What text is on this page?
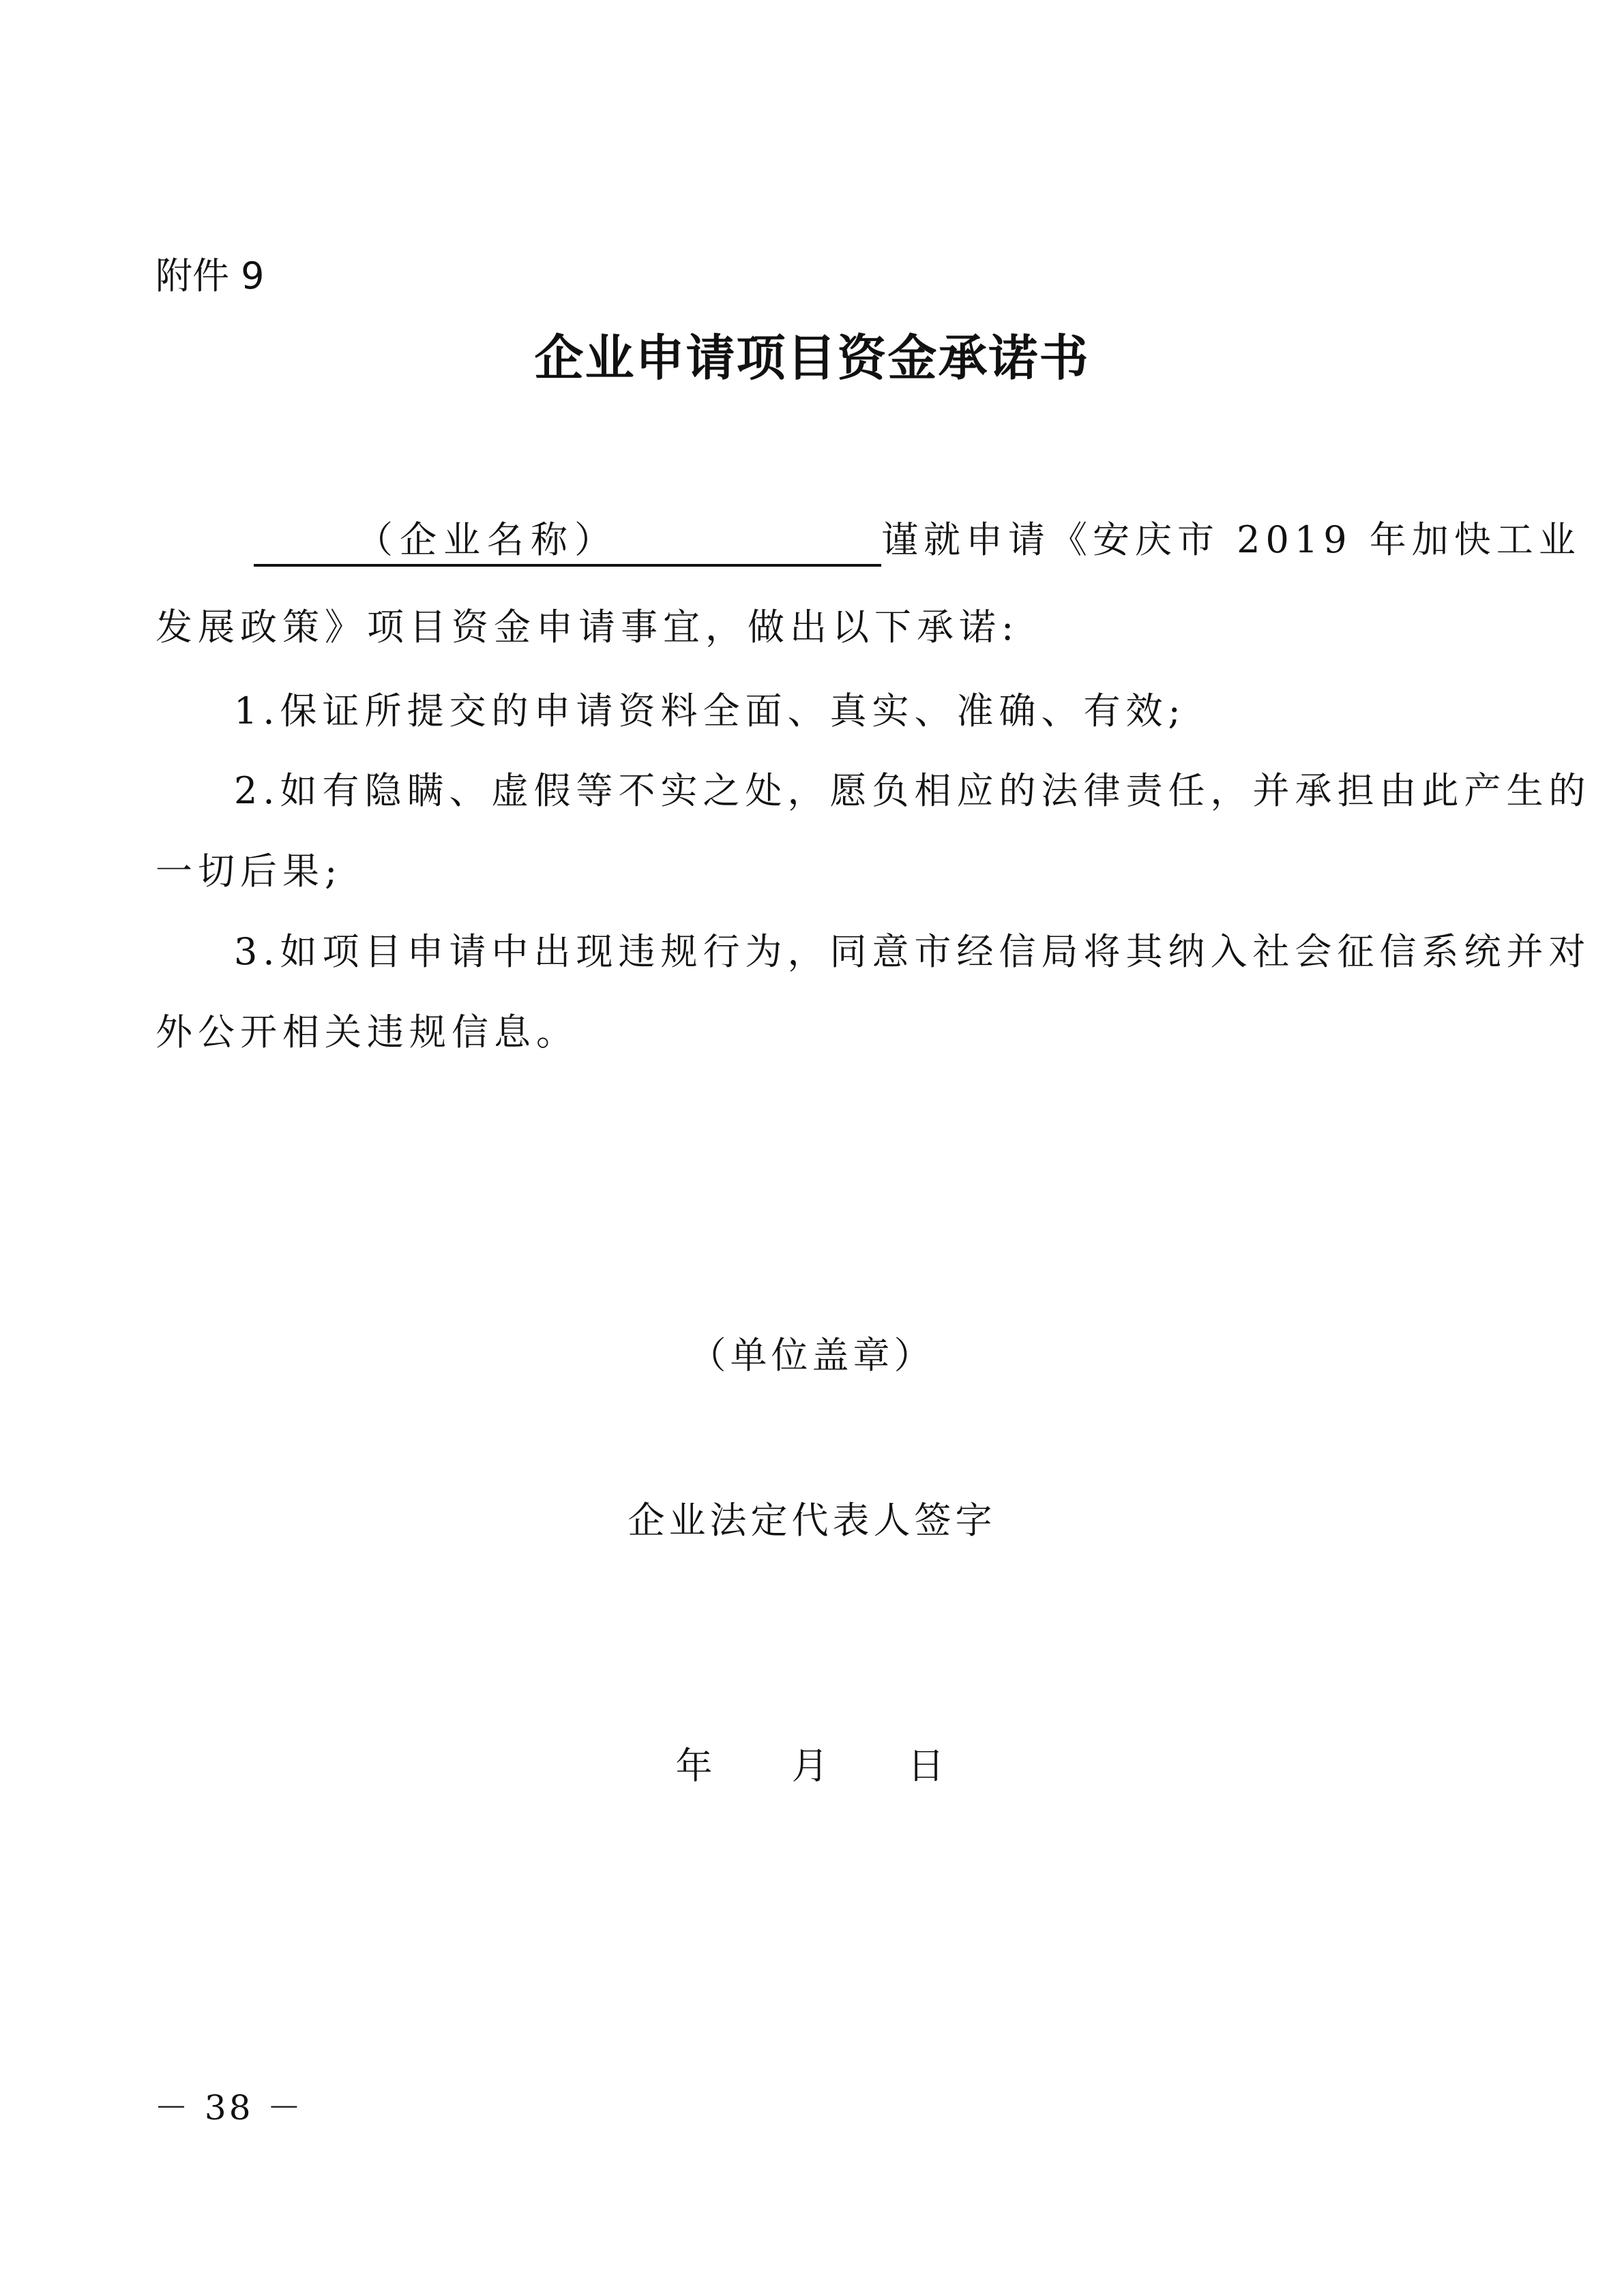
附件 9
企业申请项目资金承诺书
（企业名称）	谨就申请《安庆市 2019 年加快工业
发展政策》项目资金申请事宜，做出以下承诺:
1.保证所提交的申请资料全面、真实、准确、有效;
2.如有隐瞒、虚假等不实之处，愿负相应的法律责任，并承担由此产生的
一切后果;
3.如项目申请中出现违规行为，同意市经信局将其纳入社会征信系统并对
外公开相关违规信息。
（单位盖章）
企业法定代表人签字
年 月 日
－ 38 －
